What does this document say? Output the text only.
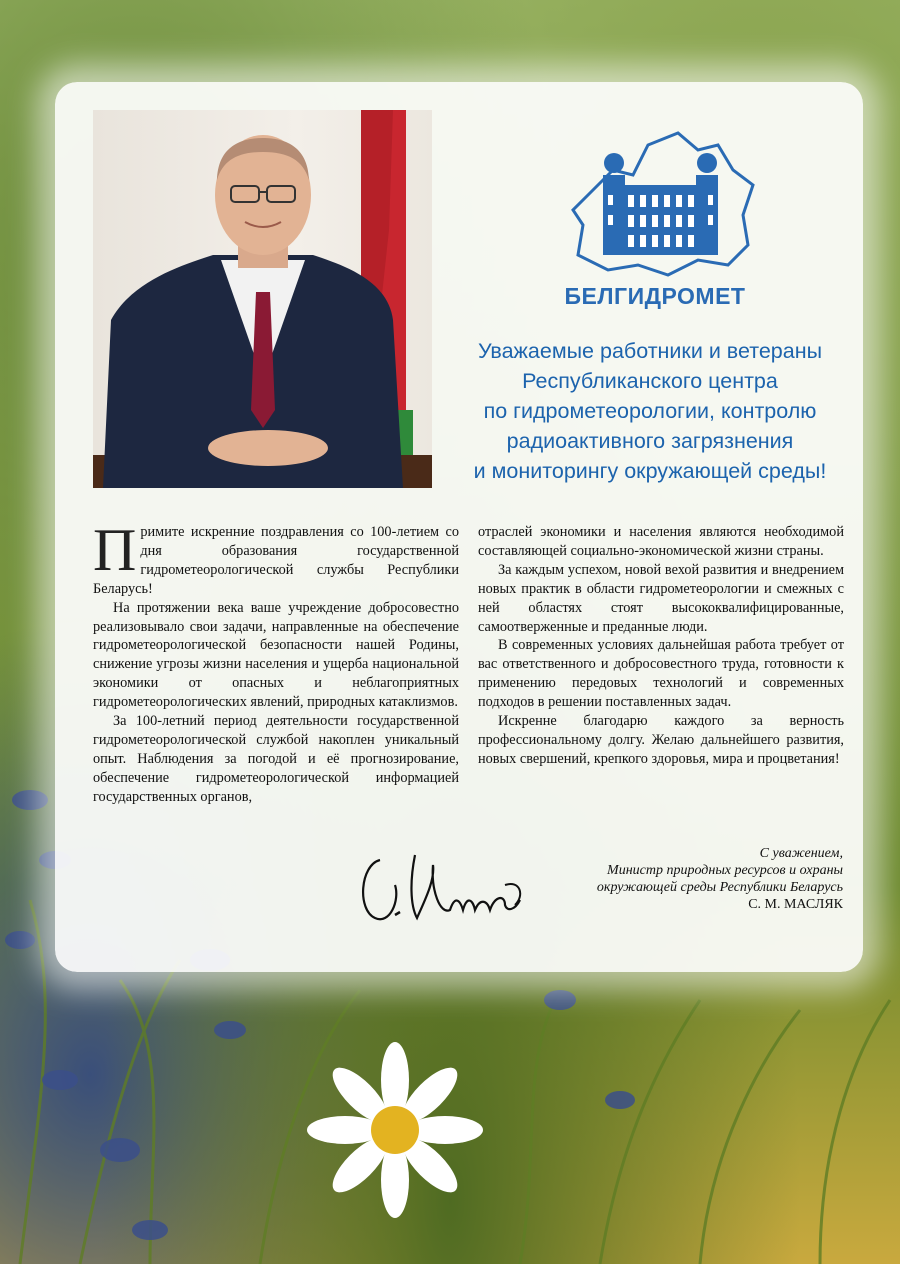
БЕЛГИДРОМЕТ
Уважаемые работники и ветераны
Республиканского центра
по гидрометеорологии, контролю
радиоактивного загрязнения
и мониторингу окружающей среды!

Примите искренние поздравления со 100-летием со дня образования государственной гидрометеорологической службы Республики Беларусь!

На протяжении века ваше учреждение добросовестно реализовывало свои задачи, направленные на обеспечение гидрометеорологической безопасности нашей Родины, снижение угрозы жизни населения и ущерба национальной экономики от опасных и неблагоприятных гидрометеорологических явлений, природных катаклизмов.

За 100-летний период деятельности государственной гидрометеорологической службой накоплен уникальный опыт. Наблюдения за погодой и её прогнозирование, обеспечение гидрометеорологической информацией государственных органов,

отраслей экономики и населения являются необходимой составляющей социально-экономической жизни страны.

За каждым успехом, новой вехой развития и внедрением новых практик в области гидрометеорологии и смежных с ней областях стоят высококвалифицированные, самоотверженные и преданные люди.

В современных условиях дальнейшая работа требует от вас ответственного и добросовестного труда, готовности к применению передовых технологий и современных подходов в решении поставленных задач.

Искренне благодарю каждого за верность профессиональному долгу. Желаю дальнейшего развития, новых свершений, крепкого здоровья, мира и процветания!

С уважением,
Министр природных ресурсов и охраны
окружающей среды Республики Беларусь
С. М. МАСЛЯК
